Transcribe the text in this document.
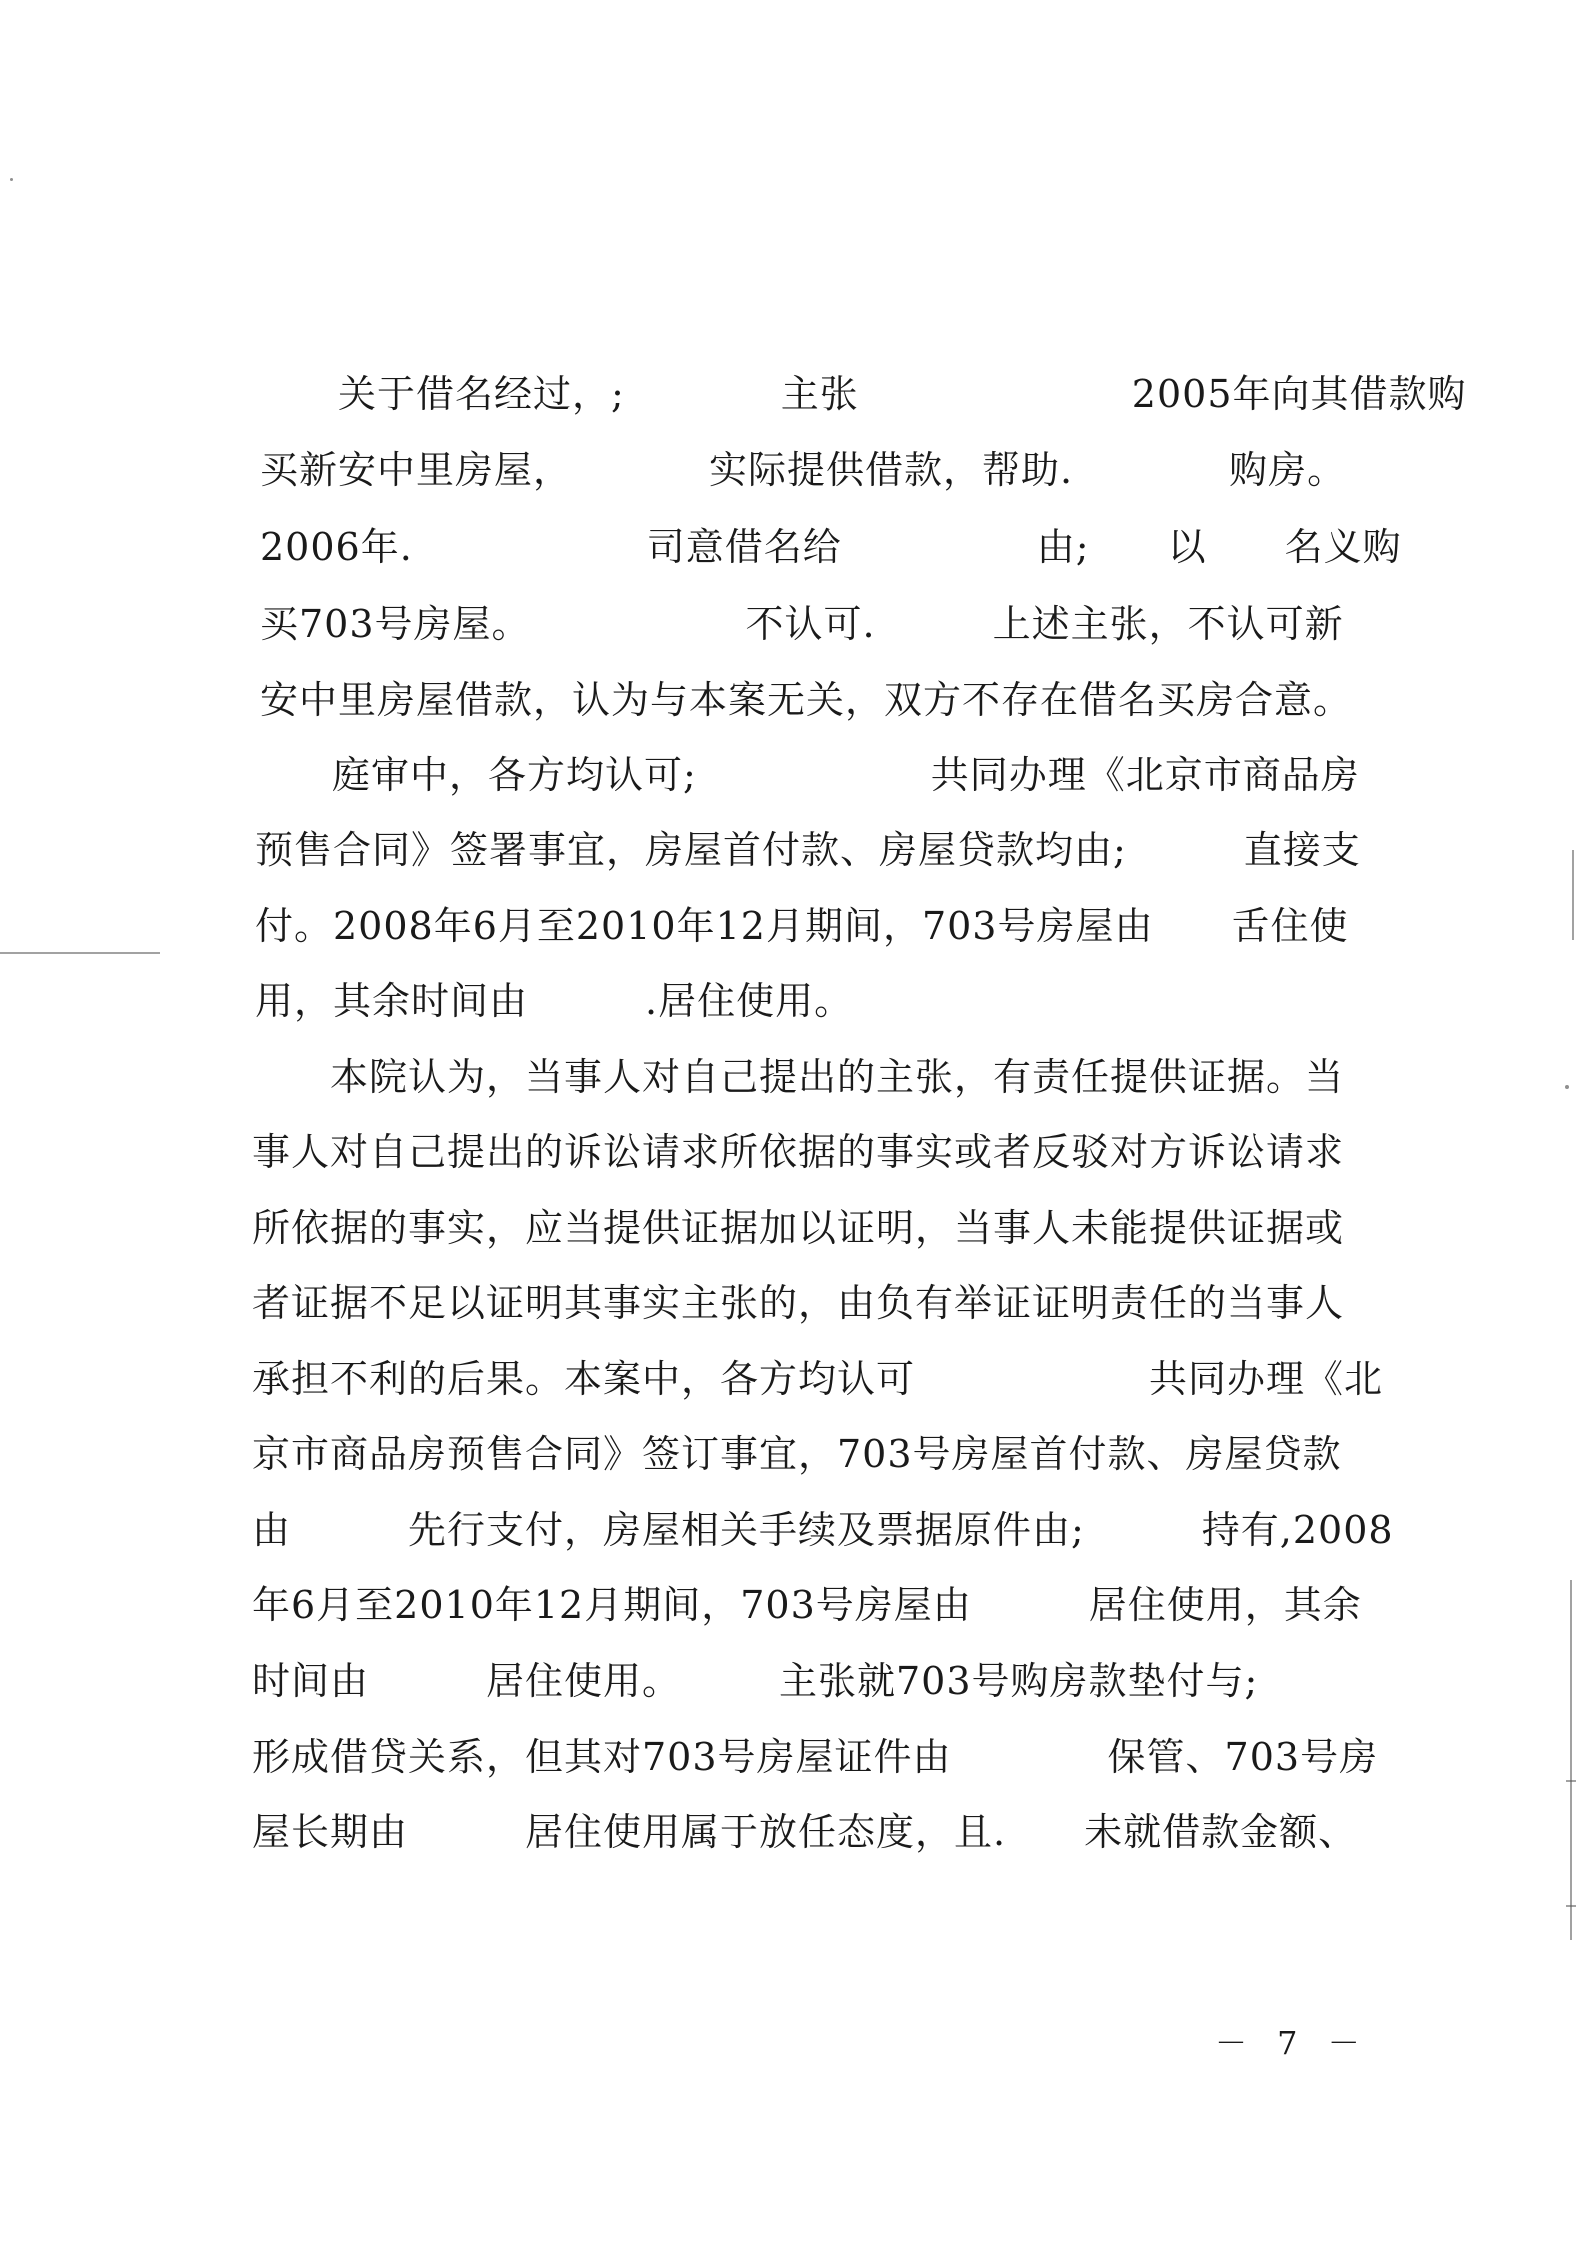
关于借名经过，;　　　　主张　　　　　　　2005年向其借款购
买新安中里房屋，　　　　实际提供借款，帮助.　　　　购房。
2006年.　　　　　　司意借名给　　　　　由;　　以　　名义购
买703号房屋。　　　　　　不认可.　　　上述主张，不认可新
安中里房屋借款，认为与本案无关，双方不存在借名买房合意。
庭审中，各方均认可;　　　　　　共同办理《北京市商品房
预售合同》签署事宜，房屋首付款、房屋贷款均由;　　　直接支
付。2008年6月至2010年12月期间，703号房屋由　　舌住使
用，其余时间由　　　.居住使用。
本院认为，当事人对自己提出的主张，有责任提供证据。当
事人对自己提出的诉讼请求所依据的事实或者反驳对方诉讼请求
所依据的事实，应当提供证据加以证明，当事人未能提供证据或
者证据不足以证明其事实主张的，由负有举证证明责任的当事人
承担不利的后果。本案中，各方均认可　　　　　　共同办理《北
京市商品房预售合同》签订事宜，703号房屋首付款、房屋贷款
由　　　先行支付，房屋相关手续及票据原件由;　　　持有,2008
年6月至2010年12月期间，703号房屋由　　　居住使用，其余
时间由　　　居住使用。　　　主张就703号购房款垫付与;
形成借贷关系，但其对703号房屋证件由　　　　保管、703号房
屋长期由　　　居住使用属于放任态度，且.　　未就借款金额、
－ 7 －
